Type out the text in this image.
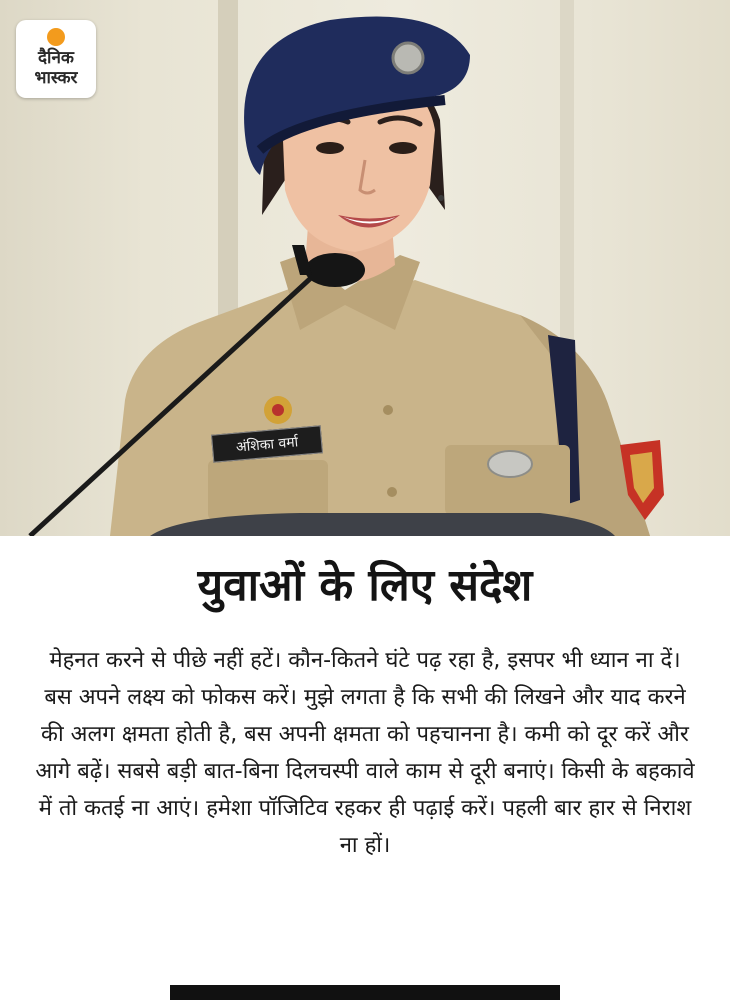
अंशिका वर्मा
दैनिक
भास्कर
युवाओं के लिए संदेश
मेहनत करने से पीछे नहीं हटें। कौन-कितने घंटे पढ़ रहा है, इसपर भी ध्यान ना दें। बस अपने लक्ष्य को फोकस करें। मुझे लगता है कि सभी की लिखने और याद करने की अलग क्षमता होती है, बस अपनी क्षमता को पहचानना है। कमी को दूर करें और आगे बढ़ें। सबसे बड़ी बात-बिना दिलचस्पी वाले काम से दूरी बनाएं। किसी के बहकावे में तो कतई ना आएं। हमेशा पॉजिटिव रहकर ही पढ़ाई करें। पहली बार हार से निराश ना हों।
